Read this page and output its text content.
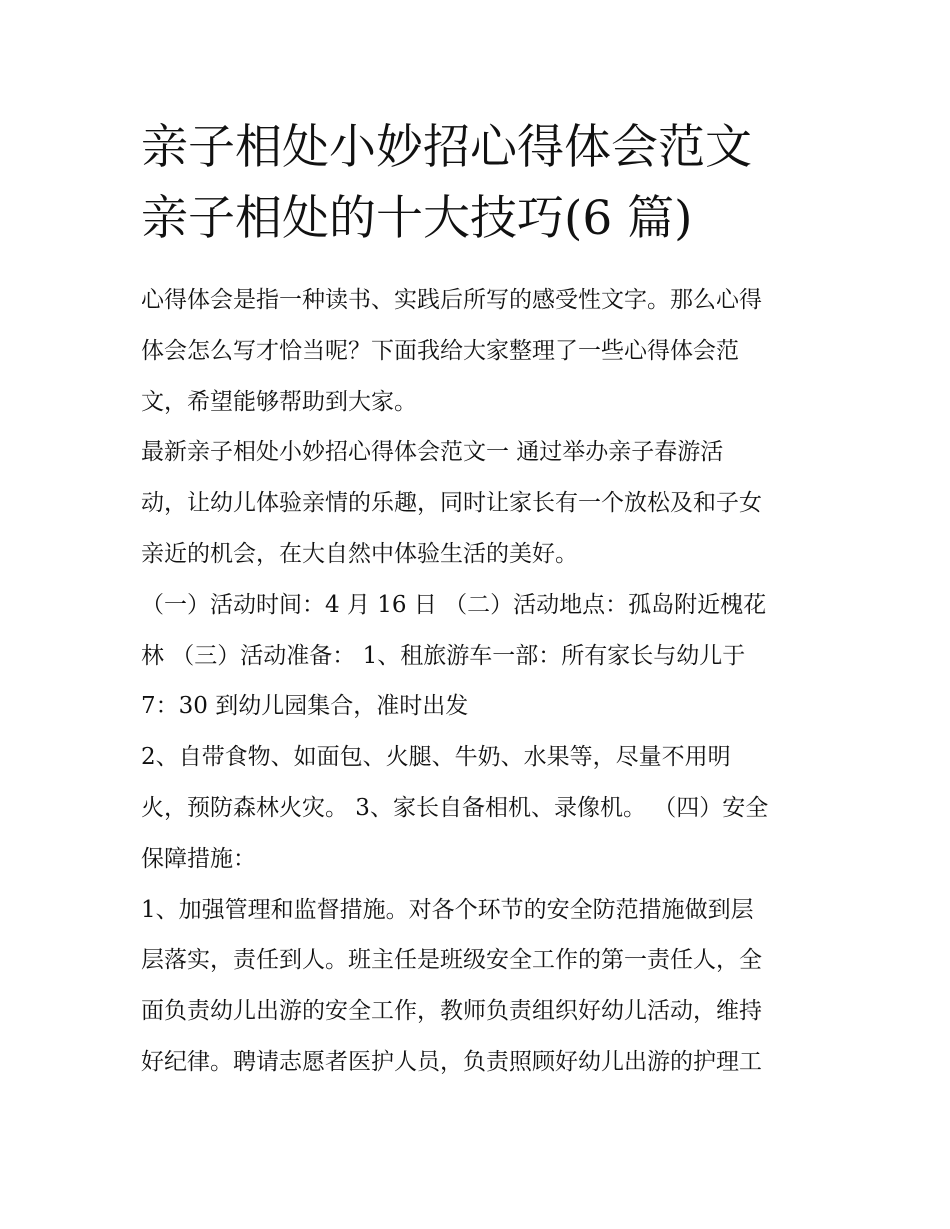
亲子相处小妙招心得体会范文
亲子相处的十大技巧(6 篇)
心得体会是指一种读书、实践后所写的感受性文字。那么心得
体会怎么写才恰当呢？下面我给大家整理了一些心得体会范
文，希望能够帮助到大家。
最新亲子相处小妙招心得体会范文一 通过举办亲子春游活
动，让幼儿体验亲情的乐趣，同时让家长有一个放松及和子女
亲近的机会，在大自然中体验生活的美好。
（一）活动时间：4 月 16 日 （二）活动地点：孤岛附近槐花
林 （三）活动准备： 1、租旅游车一部：所有家长与幼儿于
7：30 到幼儿园集合，准时出发
2、自带食物、如面包、火腿、牛奶、水果等，尽量不用明
火，预防森林火灾。 3、家长自备相机、录像机。 （四）安全
保障措施：
1、加强管理和监督措施。对各个环节的安全防范措施做到层
层落实，责任到人。班主任是班级安全工作的第一责任人，全
面负责幼儿出游的安全工作，教师负责组织好幼儿活动，维持
好纪律。聘请志愿者医护人员，负责照顾好幼儿出游的护理工
